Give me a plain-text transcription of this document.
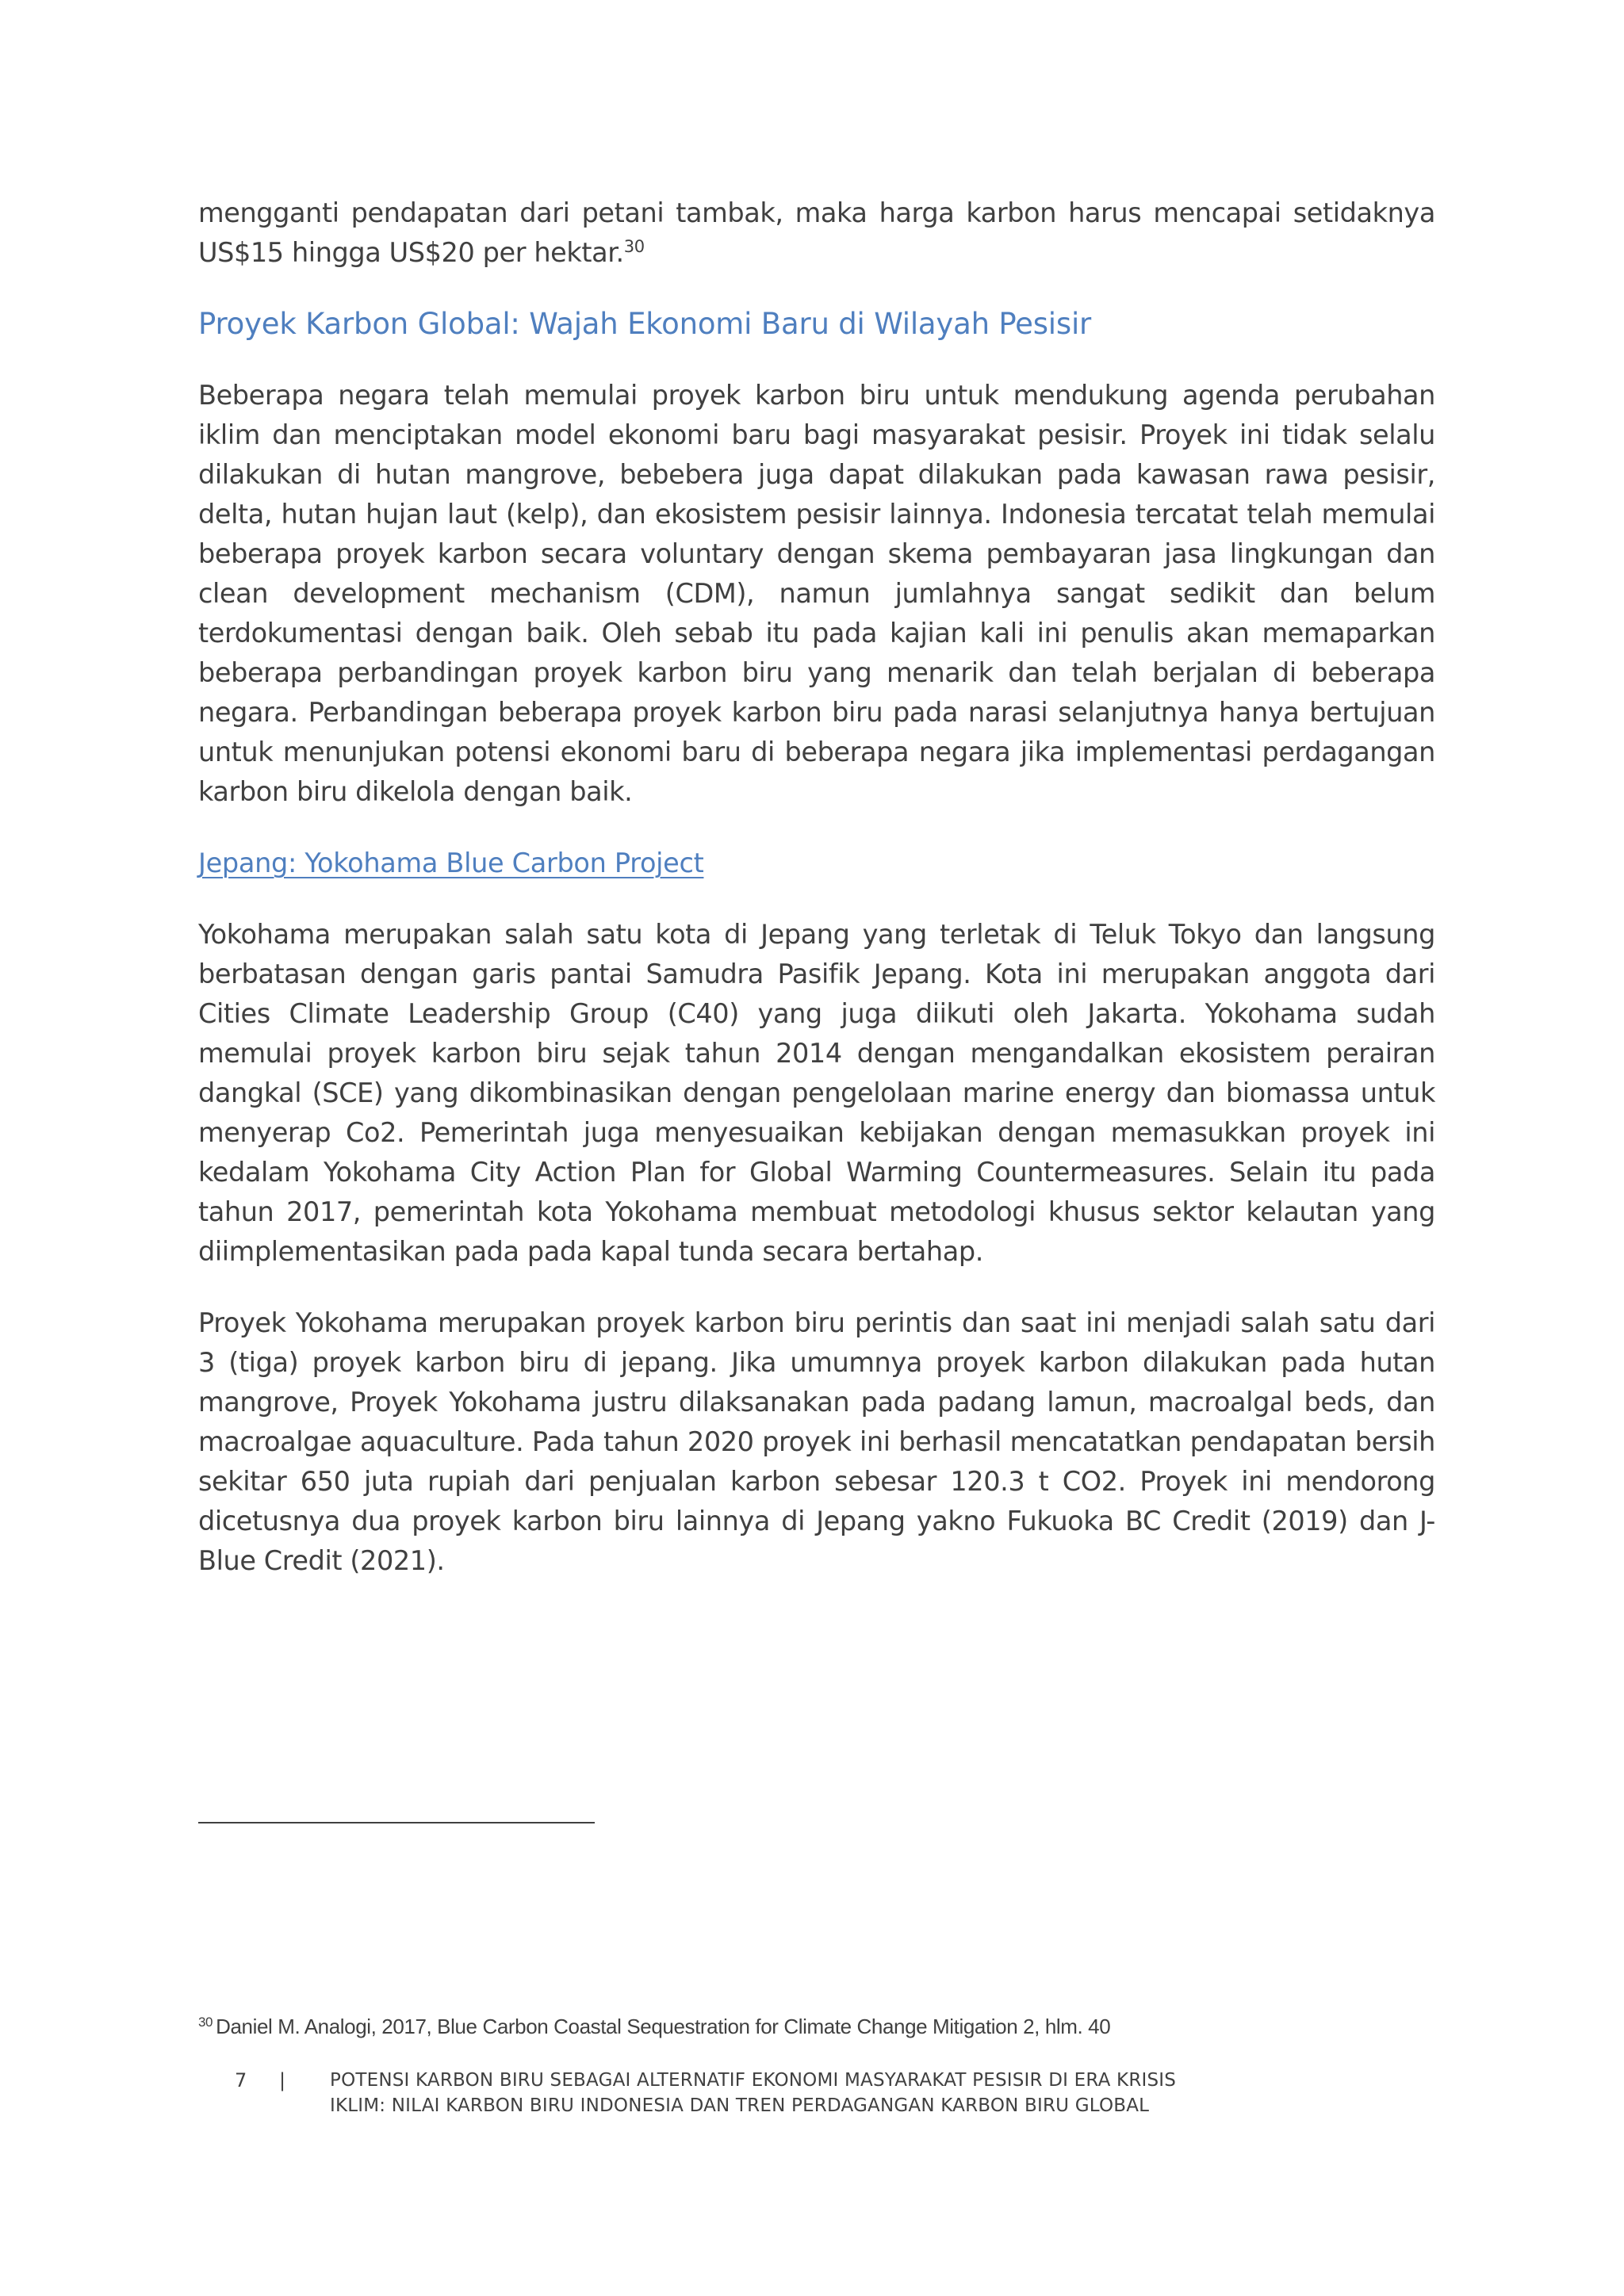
mengganti pendapatan dari petani tambak, maka harga karbon harus mencapai setidaknya US$15 hingga US$20 per hektar.$^{30}$

Proyek Karbon Global: Wajah Ekonomi Baru di Wilayah Pesisir

Beberapa negara telah memulai proyek karbon biru untuk mendukung agenda perubahan iklim dan menciptakan model ekonomi baru bagi masyarakat pesisir. Proyek ini tidak selalu dilakukan di hutan mangrove, bebebera juga dapat dilakukan pada kawasan rawa pesisir, delta, hutan hujan laut (kelp), dan ekosistem pesisir lainnya. Indonesia tercatat telah memulai beberapa proyek karbon secara voluntary dengan skema pembayaran jasa lingkungan dan clean development mechanism (CDM), namun jumlahnya sangat sedikit dan belum terdokumentasi dengan baik. Oleh sebab itu pada kajian kali ini penulis akan memaparkan beberapa perbandingan proyek karbon biru yang menarik dan telah berjalan di beberapa negara. Perbandingan beberapa proyek karbon biru pada narasi selanjutnya hanya bertujuan untuk menunjukan potensi ekonomi baru di beberapa negara jika implementasi perdagangan karbon biru dikelola dengan baik.

Jepang: Yokohama Blue Carbon Project

Yokohama merupakan salah satu kota di Jepang yang terletak di Teluk Tokyo dan langsung berbatasan dengan garis pantai Samudra Pasifik Jepang. Kota ini merupakan anggota dari Cities Climate Leadership Group (C40) yang juga diikuti oleh Jakarta. Yokohama sudah memulai proyek karbon biru sejak tahun 2014 dengan mengandalkan ekosistem perairan dangkal (SCE) yang dikombinasikan dengan pengelolaan marine energy dan biomassa untuk menyerap Co2. Pemerintah juga menyesuaikan kebijakan dengan memasukkan proyek ini kedalam Yokohama City Action Plan for Global Warming Countermeasures. Selain itu pada tahun 2017, pemerintah kota Yokohama membuat metodologi khusus sektor kelautan yang diimplementasikan pada pada kapal tunda secara bertahap.

Proyek Yokohama merupakan proyek karbon biru perintis dan saat ini menjadi salah satu dari 3 (tiga) proyek karbon biru di jepang. Jika umumnya proyek karbon dilakukan pada hutan mangrove, Proyek Yokohama justru dilaksanakan pada padang lamun, macroalgal beds, dan macroalgae aquaculture. Pada tahun 2020 proyek ini berhasil mencatatkan pendapatan bersih sekitar 650 juta rupiah dari penjualan karbon sebesar 120.3 t CO2. Proyek ini mendorong dicetusnya dua proyek karbon biru lainnya di Jepang yakno Fukuoka BC Credit (2019) dan J-Blue Credit (2021).

$^{30}$ Daniel M. Analogi, 2017, Blue Carbon Coastal Sequestration for Climate Change Mitigation 2, hlm. 40
7 | POTENSI KARBON BIRU SEBAGAI ALTERNATIF EKONOMI MASYARAKAT PESISIR DI ERA KRISIS
IKLIM: NILAI KARBON BIRU INDONESIA DAN TREN PERDAGANGAN KARBON BIRU GLOBAL
